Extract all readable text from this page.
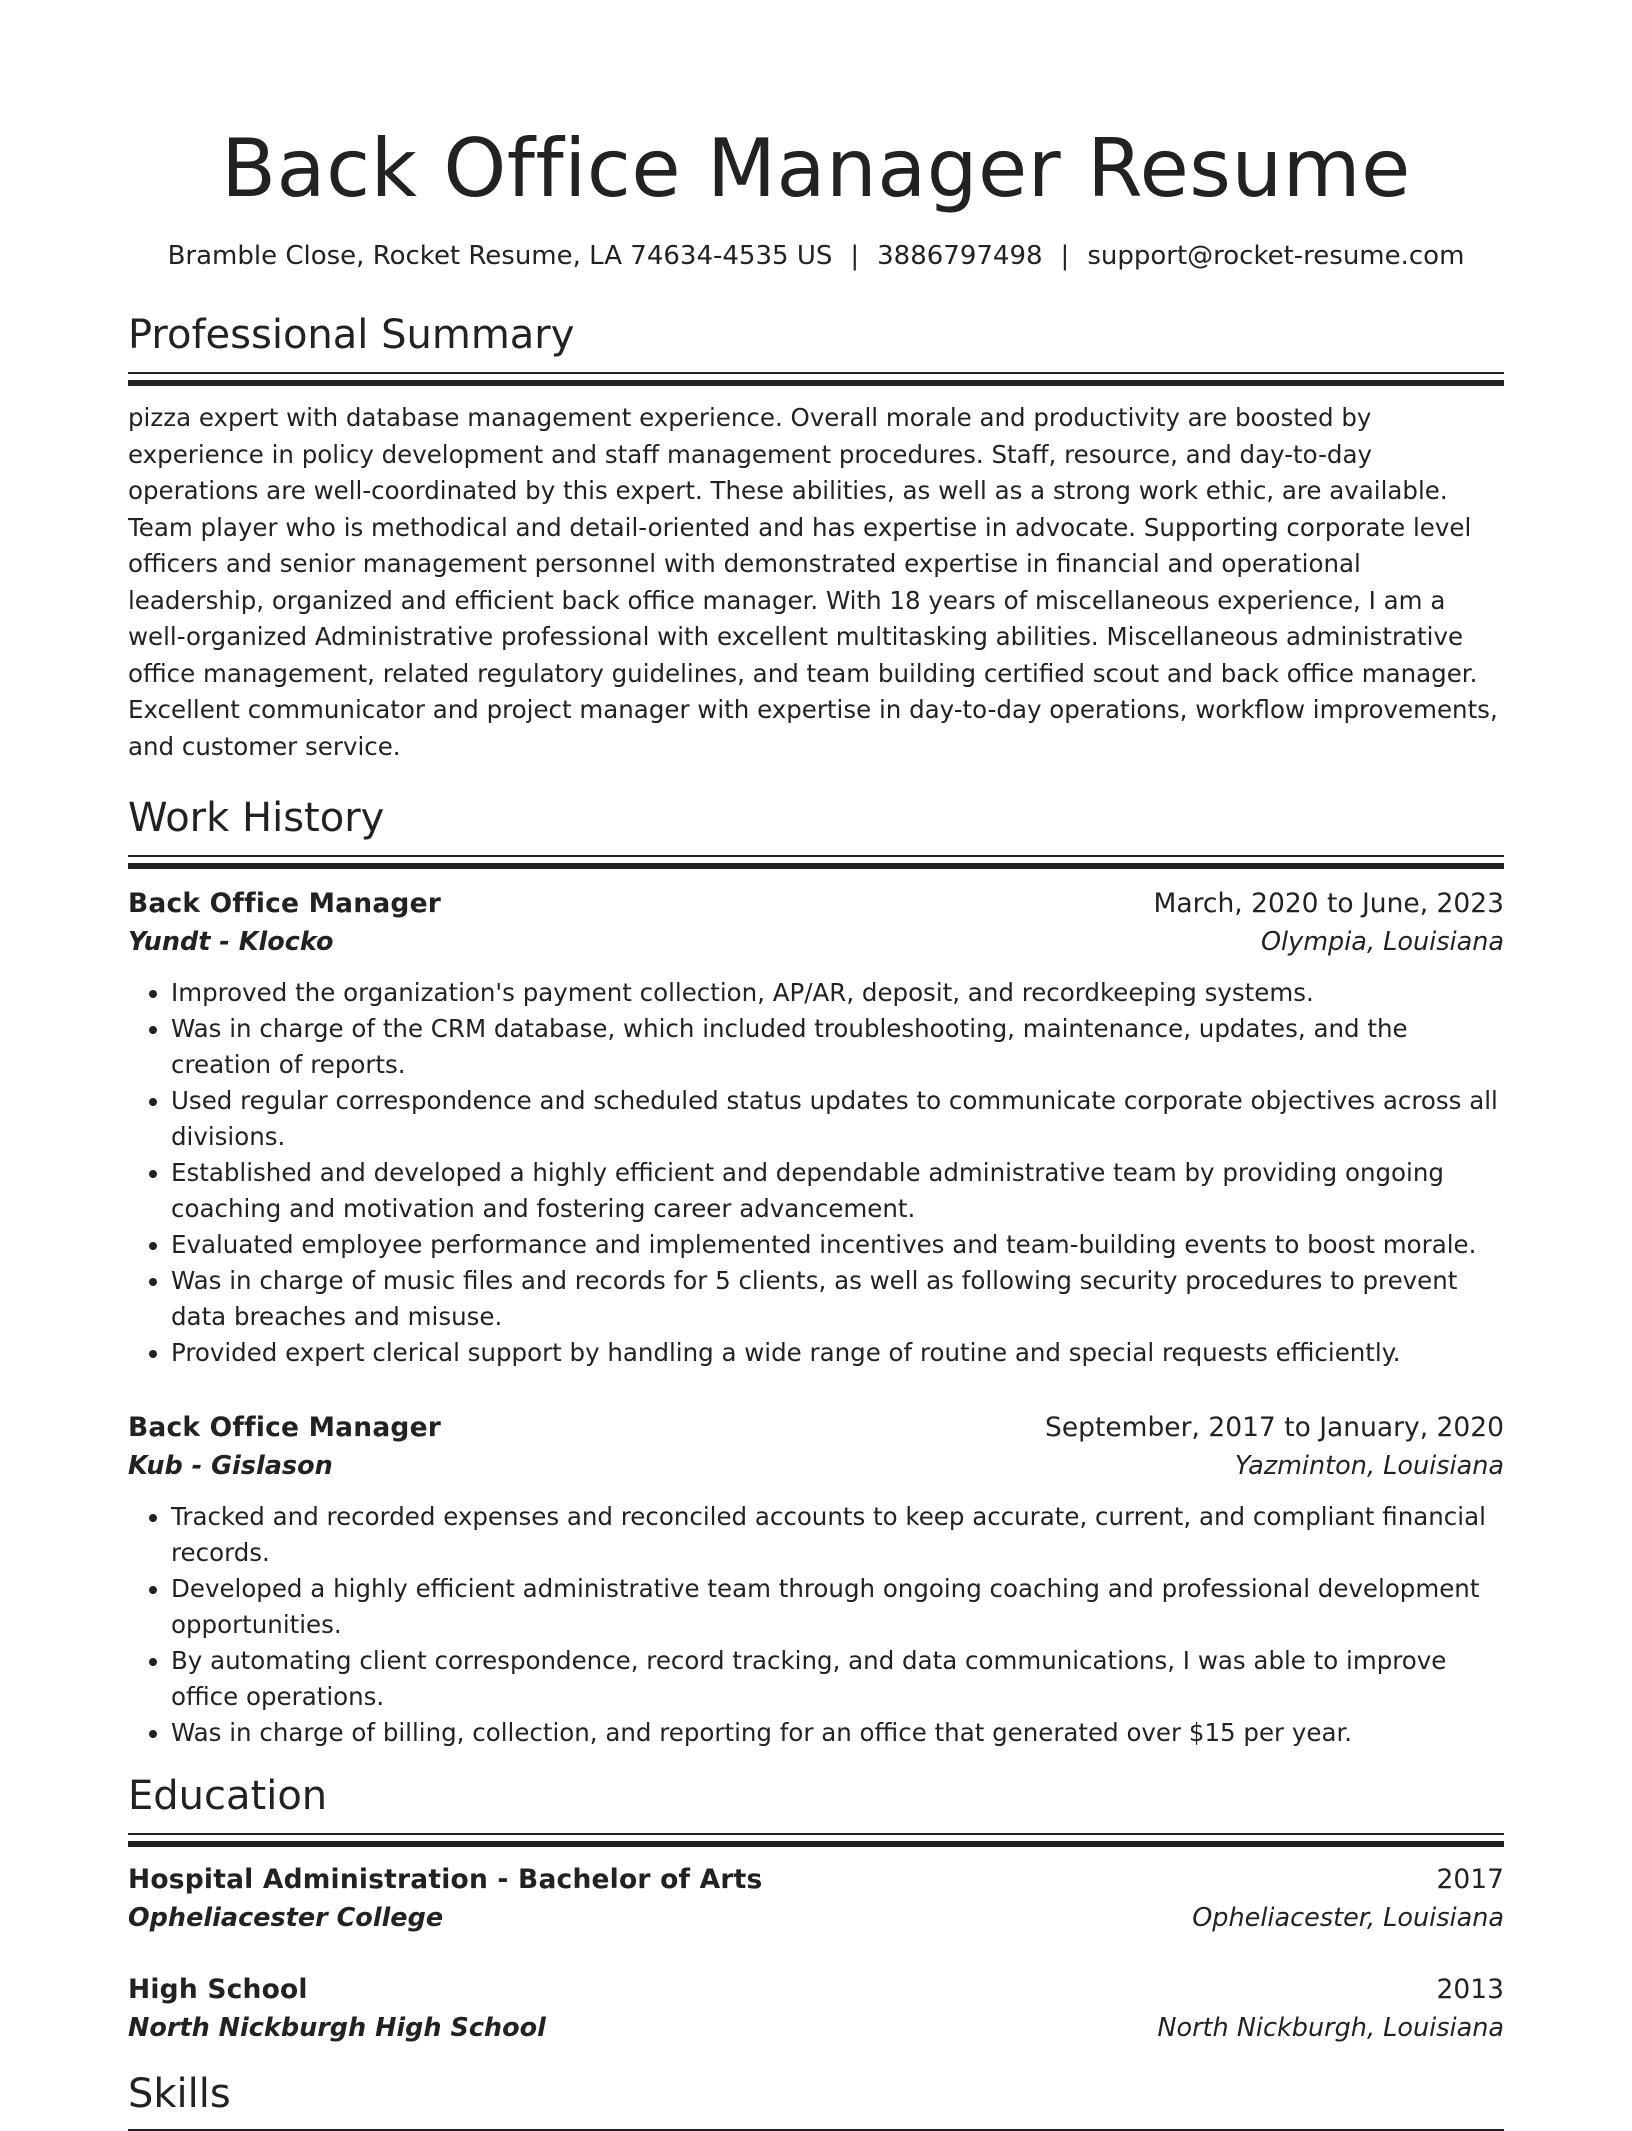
Back Office Manager Resume
Bramble Close, Rocket Resume, LA 74634-4535 US | 3886797498 | support@rocket-resume.com
Professional Summary
pizza expert with database management experience. Overall morale and productivity are boosted by experience in policy development and staff management procedures. Staff, resource, and day-to-day operations are well-coordinated by this expert. These abilities, as well as a strong work ethic, are available. Team player who is methodical and detail-oriented and has expertise in advocate. Supporting corporate level officers and senior management personnel with demonstrated expertise in financial and operational leadership, organized and efficient back office manager. With 18 years of miscellaneous experience, I am a well-organized Administrative professional with excellent multitasking abilities. Miscellaneous administrative office management, related regulatory guidelines, and team building certified scout and back office manager. Excellent communicator and project manager with expertise in day-to-day operations, workflow improvements, and customer service.
Work History
Back Office Manager	March, 2020 to June, 2023
Yundt - Klocko	Olympia, Louisiana
• Improved the organization's payment collection, AP/AR, deposit, and recordkeeping systems.
• Was in charge of the CRM database, which included troubleshooting, maintenance, updates, and the creation of reports.
• Used regular correspondence and scheduled status updates to communicate corporate objectives across all divisions.
• Established and developed a highly efficient and dependable administrative team by providing ongoing coaching and motivation and fostering career advancement.
• Evaluated employee performance and implemented incentives and team-building events to boost morale.
• Was in charge of music files and records for 5 clients, as well as following security procedures to prevent data breaches and misuse.
• Provided expert clerical support by handling a wide range of routine and special requests efficiently.
Back Office Manager	September, 2017 to January, 2020
Kub - Gislason	Yazminton, Louisiana
• Tracked and recorded expenses and reconciled accounts to keep accurate, current, and compliant financial records.
• Developed a highly efficient administrative team through ongoing coaching and professional development opportunities.
• By automating client correspondence, record tracking, and data communications, I was able to improve office operations.
• Was in charge of billing, collection, and reporting for an office that generated over $15 per year.
Education
Hospital Administration - Bachelor of Arts	2017
Opheliacester College	Opheliacester, Louisiana
High School	2013
North Nickburgh High School	North Nickburgh, Louisiana
Skills
